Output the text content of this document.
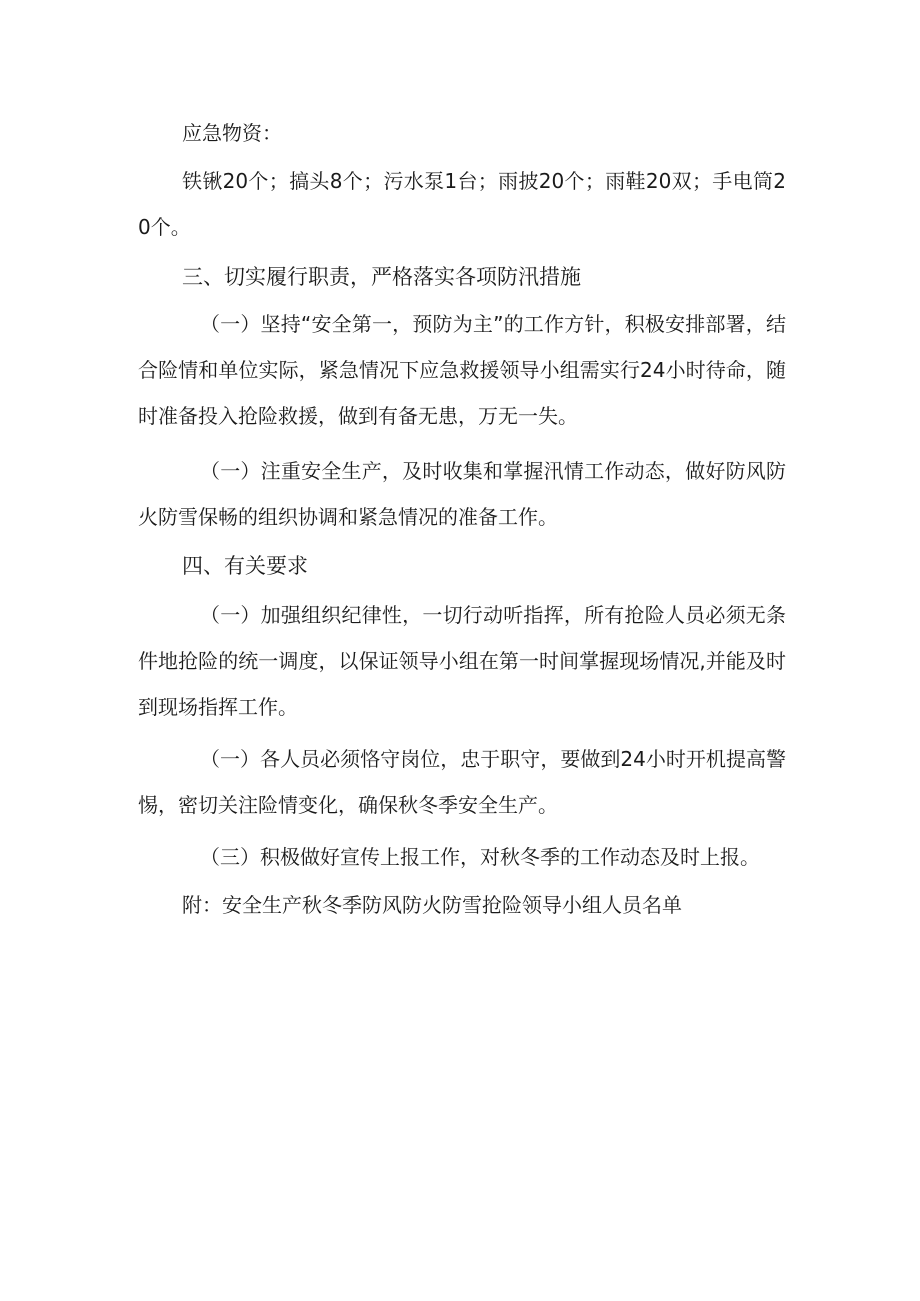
应急物资：

铁锹20个；搞头8个；污水泵1台；雨披20个；雨鞋20双；手电筒20个。

三、切实履行职责，严格落实各项防汛措施

（一）坚持“安全第一，预防为主”的工作方针，积极安排部署，结合险情和单位实际，紧急情况下应急救援领导小组需实行24小时待命，随时准备投入抢险救援，做到有备无患，万无一失。

（一）注重安全生产，及时收集和掌握汛情工作动态，做好防风防火防雪保畅的组织协调和紧急情况的准备工作。

四、有关要求

（一）加强组织纪律性，一切行动听指挥，所有抢险人员必须无条件地抢险的统一调度，以保证领导小组在第一时间掌握现场情况,并能及时到现场指挥工作。

（一）各人员必须恪守岗位，忠于职守，要做到24小时开机提高警惕，密切关注险情变化，确保秋冬季安全生产。

（三）积极做好宣传上报工作，对秋冬季的工作动态及时上报。

附：安全生产秋冬季防风防火防雪抢险领导小组人员名单
